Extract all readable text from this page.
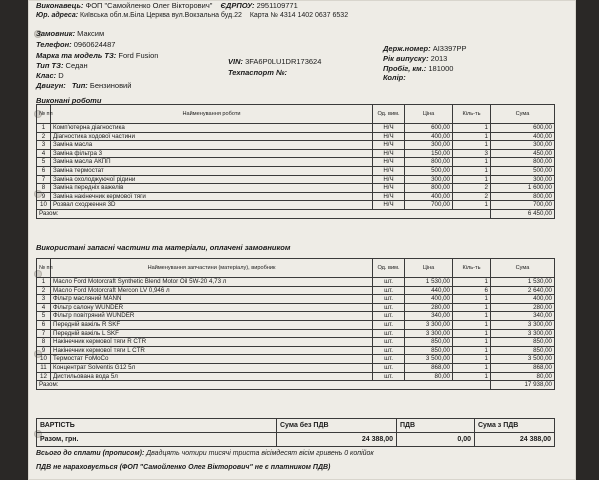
Виконавець: ФОП "Самойленко Олег Вікторович" ЄДРПОУ: 2951109771
Юр. адреса: Київська обл.м.Біла Церква вул.Вокзальна буд.22 Карта № 4314 1402 0637 6532
Замовник: Максим
Телефон: 0960624487
Марка та модель ТЗ: Ford Fusion
Тип ТЗ: Седан
Клас: D
Двигун: Тип: Бензиновий
VIN: 3FA6P0LU1DR173624
Техпаспорт №:
Держ.номер: AI3397PP
Рік випуску: 2013
Пробіг, км.: 181000
Колір:
Виконані роботи
№ пп	Найменування роботи	Од. вим.	Ціна	Кіль-ть	Сума
1	Комп'ютерна діагностика	Н/Ч	600,00	1	600,00
2	Діагностика ходової частини	Н/Ч	400,00	1	400,00
3	Заміна масла	Н/Ч	300,00	1	300,00
4	Заміна фільтра 3	Н/Ч	150,00	3	450,00
5	Заміна масла АКПП	Н/Ч	800,00	1	800,00
6	Заміна термостат	Н/Ч	500,00	1	500,00
7	Заміна охолоджуючої рідини	Н/Ч	300,00	1	300,00
8	Заміна передніх важелів	Н/Ч	800,00	2	1 600,00
9	Заміна накінечник кермової тяги	Н/Ч	400,00	2	800,00
10	Розвал сходження 3D	Н/Ч	700,00	1	700,00
Разом:					6 450,00
Використані запасні частини та матеріали, оплачені замовником
№ пп	Найменування запчастини (матеріалу), виробник	Од. вим.	Ціна	Кіль-ть	Сума
1	Масло Ford Motorcraft Synthetic Blend Motor Oil 5W-20 4,73 л	шт.	1 530,00	1	1 530,00
2	Масло Ford Motorcraft Mercon LV 0,946 л	шт.	440,00	6	2 640,00
3	Фільтр масляний MANN	шт.	400,00	1	400,00
4	Фільтр салону WUNDER	шт.	280,00	1	280,00
5	Фільтр повітряний WUNDER	шт.	340,00	1	340,00
6	Передній важіль R SKF	шт.	3 300,00	1	3 300,00
7	Передній важіль L SKF	шт.	3 300,00	1	3 300,00
8	Накінечник кермової тяги R CTR	шт.	850,00	1	850,00
9	Накінечник кермової тяги L CTR	шт.	850,00	1	850,00
10	Термостат FoMoCo	шт.	3 500,00	1	3 500,00
11	Концентрат Solventis G12 5л	шт.	868,00	1	868,00
12	Дистильована вода 5л	шт.	80,00	1	80,00
Разом:					17 938,00
ВАРТІСТЬ	Сума без ПДВ	ПДВ	Сума з ПДВ
Разом, грн.	24 388,00	0,00	24 388,00
Всього до сплати (прописом): Двадцять чотири тисячі триста вісімдесят вісім гривень 0 копійок
ПДВ не нараховується (ФОП "Самойленко Олег Вікторович" не є платником ПДВ)
